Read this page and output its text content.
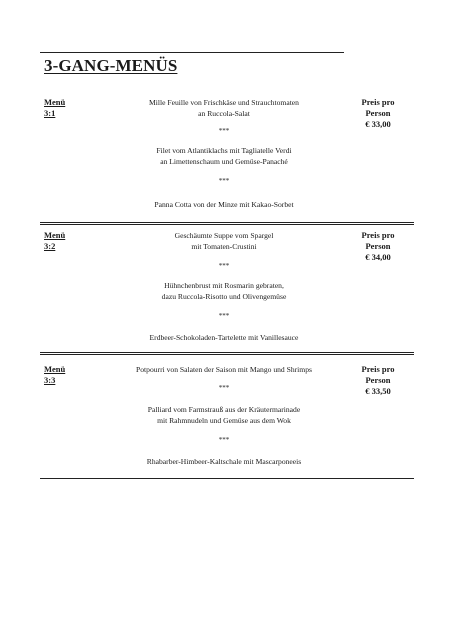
3-GANG-MENÜS
Menü
3:1
Preis pro
Person
€ 33,00
Mille Feuille von Frischkäse und Strauchtomaten
an Ruccola-Salat
***
Filet vom Atlantiklachs mit Tagliatelle Verdi
an Limettenschaum und Gemüse-Panaché
***
Panna Cotta von der Minze mit Kakao-Sorbet
Menü
3:2
Preis pro
Person
€ 34,00
Geschäumte Suppe vom Spargel
mit Tomaten-Crustini
***
Hühnchenbrust mit Rosmarin gebraten,
dazu Ruccola-Risotto und Olivengemüse
***
Erdbeer-Schokoladen-Tartelette mit Vanillesauce
Menü
3:3
Preis pro
Person
€ 33,50
Potpourri von Salaten der Saison mit Mango und Shrimps
***
Palliard vom Farmstrauß aus der Kräutermarinade
mit Rahmnudeln und Gemüse aus dem Wok
***
Rhabarber-Himbeer-Kaltschale mit Mascarponeeis
